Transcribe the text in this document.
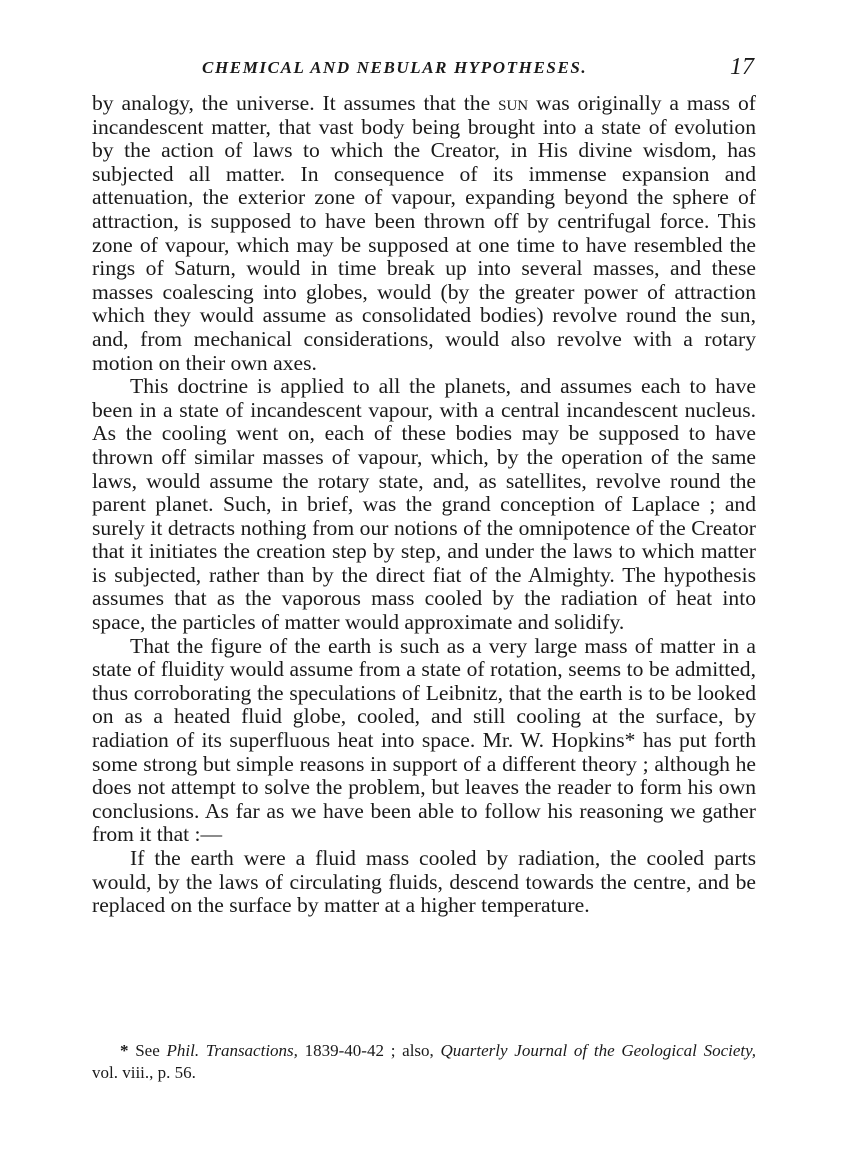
CHEMICAL AND NEBULAR HYPOTHESES.	17

by analogy, the universe. It assumes that the sun was originally a mass of incandescent matter, that vast body being brought into a state of evolution by the action of laws to which the Creator, in His divine wisdom, has subjected all matter. In consequence of its immense expansion and attenuation, the exterior zone of vapour, expanding beyond the sphere of attraction, is supposed to have been thrown off by centrifugal force. This zone of vapour, which may be supposed at one time to have resembled the rings of Saturn, would in time break up into several masses, and these masses coalescing into globes, would (by the greater power of attraction which they would assume as consolidated bodies) revolve round the sun, and, from mechanical considerations, would also revolve with a rotary motion on their own axes.

This doctrine is applied to all the planets, and assumes each to have been in a state of incandescent vapour, with a central incandescent nucleus. As the cooling went on, each of these bodies may be supposed to have thrown off similar masses of vapour, which, by the operation of the same laws, would assume the rotary state, and, as satellites, revolve round the parent planet. Such, in brief, was the grand conception of Laplace ; and surely it detracts nothing from our notions of the omnipotence of the Creator that it initiates the creation step by step, and under the laws to which matter is subjected, rather than by the direct fiat of the Almighty. The hypothesis assumes that as the vaporous mass cooled by the radiation of heat into space, the particles of matter would approximate and solidify.

That the figure of the earth is such as a very large mass of matter in a state of fluidity would assume from a state of rotation, seems to be admitted, thus corroborating the speculations of Leibnitz, that the earth is to be looked on as a heated fluid globe, cooled, and still cooling at the surface, by radiation of its superfluous heat into space. Mr. W. Hopkins* has put forth some strong but simple reasons in support of a different theory ; although he does not attempt to solve the problem, but leaves the reader to form his own conclusions. As far as we have been able to follow his reasoning we gather from it that :—

If the earth were a fluid mass cooled by radiation, the cooled parts would, by the laws of circulating fluids, descend towards the centre, and be replaced on the surface by matter at a higher temperature.

* See Phil. Transactions, 1839-40-42 ; also, Quarterly Journal of the Geological Society, vol. viii., p. 56.
